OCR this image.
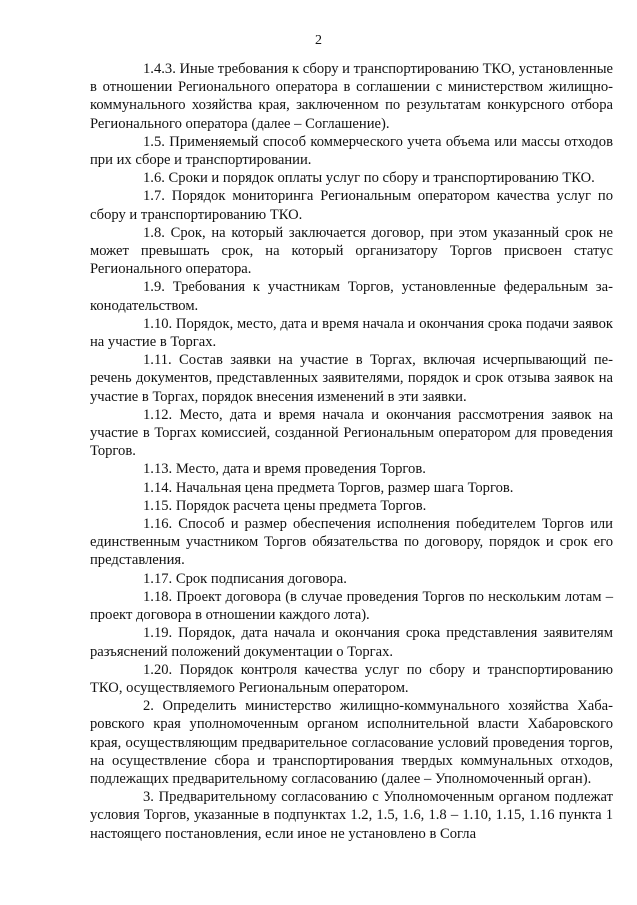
2

1.4.3. Иные требования к сбору и транспортированию ТКО, установленные в отношении Регионального оператора в соглашении с министерством жилищно-коммунального хозяйства края, заключенном по результатам конкурсного отбора Регионального оператора (далее – Соглашение).

1.5. Применяемый способ коммерческого учета объема или массы отходов при их сборе и транспортировании.

1.6. Сроки и порядок оплаты услуг по сбору и транспортированию ТКО.

1.7. Порядок мониторинга Региональным оператором качества услуг по сбору и транспортированию ТКО.

1.8. Срок, на который заключается договор, при этом указанный срок не может превышать срок, на который организатору Торгов присвоен статус Регионального оператора.

1.9. Требования к участникам Торгов, установленные федеральным законодательством.

1.10. Порядок, место, дата и время начала и окончания срока подачи заявок на участие в Торгах.

1.11. Состав заявки на участие в Торгах, включая исчерпывающий перечень документов, представленных заявителями, порядок и срок отзыва заявок на участие в Торгах, порядок внесения изменений в эти заявки.

1.12. Место, дата и время начала и окончания рассмотрения заявок на участие в Торгах комиссией, созданной Региональным оператором для проведения Торгов.

1.13. Место, дата и время проведения Торгов.

1.14. Начальная цена предмета Торгов, размер шага Торгов.

1.15. Порядок расчета цены предмета Торгов.

1.16. Способ и размер обеспечения исполнения победителем Торгов или единственным участником Торгов обязательства по договору, порядок и срок его представления.

1.17. Срок подписания договора.

1.18. Проект договора (в случае проведения Торгов по нескольким лотам – проект договора в отношении каждого лота).

1.19. Порядок, дата начала и окончания срока представления заявителям разъяснений положений документации о Торгах.

1.20. Порядок контроля качества услуг по сбору и транспортированию ТКО, осуществляемого Региональным оператором.

2. Определить министерство жилищно-коммунального хозяйства Хабаровского края уполномоченным органом исполнительной власти Хабаровского края, осуществляющим предварительное согласование условий проведения торгов, на осуществление сбора и транспортирования твердых коммунальных отходов, подлежащих предварительному согласованию (далее – Уполномоченный орган).

3. Предварительному согласованию с Уполномоченным органом подлежат условия Торгов, указанные в подпунктах 1.2, 1.5, 1.6, 1.8 – 1.10, 1.15, 1.16 пункта 1 настоящего постановления, если иное не установлено в Согла
